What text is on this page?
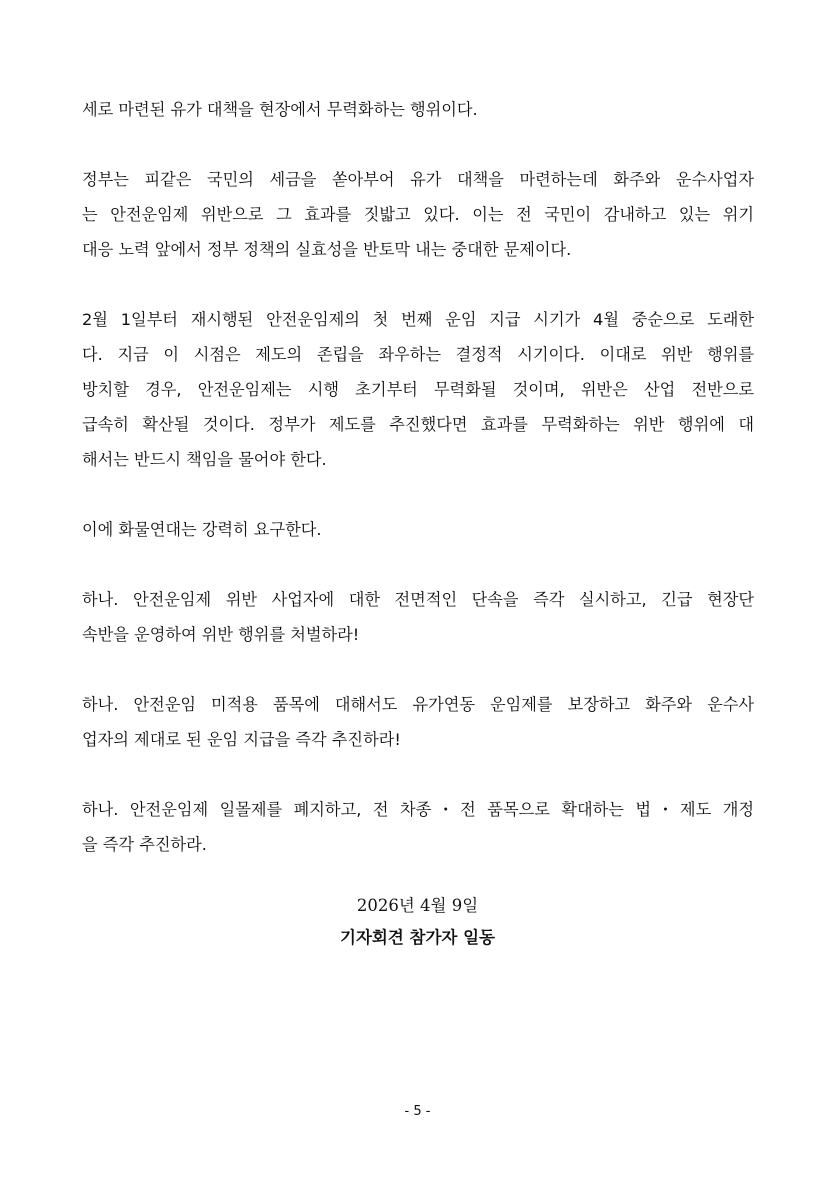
세로 마련된 유가 대책을 현장에서 무력화하는 행위이다.
정부는 피같은 국민의 세금을 쏟아부어 유가 대책을 마련하는데 화주와 운수사업자
는 안전운임제 위반으로 그 효과를 짓밟고 있다. 이는 전 국민이 감내하고 있는 위기
대응 노력 앞에서 정부 정책의 실효성을 반토막 내는 중대한 문제이다.
2월 1일부터 재시행된 안전운임제의 첫 번째 운임 지급 시기가 4월 중순으로 도래한
다. 지금 이 시점은 제도의 존립을 좌우하는 결정적 시기이다. 이대로 위반 행위를
방치할 경우, 안전운임제는 시행 초기부터 무력화될 것이며, 위반은 산업 전반으로
급속히 확산될 것이다. 정부가 제도를 추진했다면 효과를 무력화하는 위반 행위에 대
해서는 반드시 책임을 물어야 한다.
이에 화물연대는 강력히 요구한다.
하나. 안전운임제 위반 사업자에 대한 전면적인 단속을 즉각 실시하고, 긴급 현장단
속반을 운영하여 위반 행위를 처벌하라!
하나. 안전운임 미적용 품목에 대해서도 유가연동 운임제를 보장하고 화주와 운수사
업자의 제대로 된 운임 지급을 즉각 추진하라!
하나. 안전운임제 일몰제를 폐지하고, 전 차종・전 품목으로 확대하는 법・제도 개정
을 즉각 추진하라.
2026년 4월 9일
기자회견 참가자 일동
- 5 -
